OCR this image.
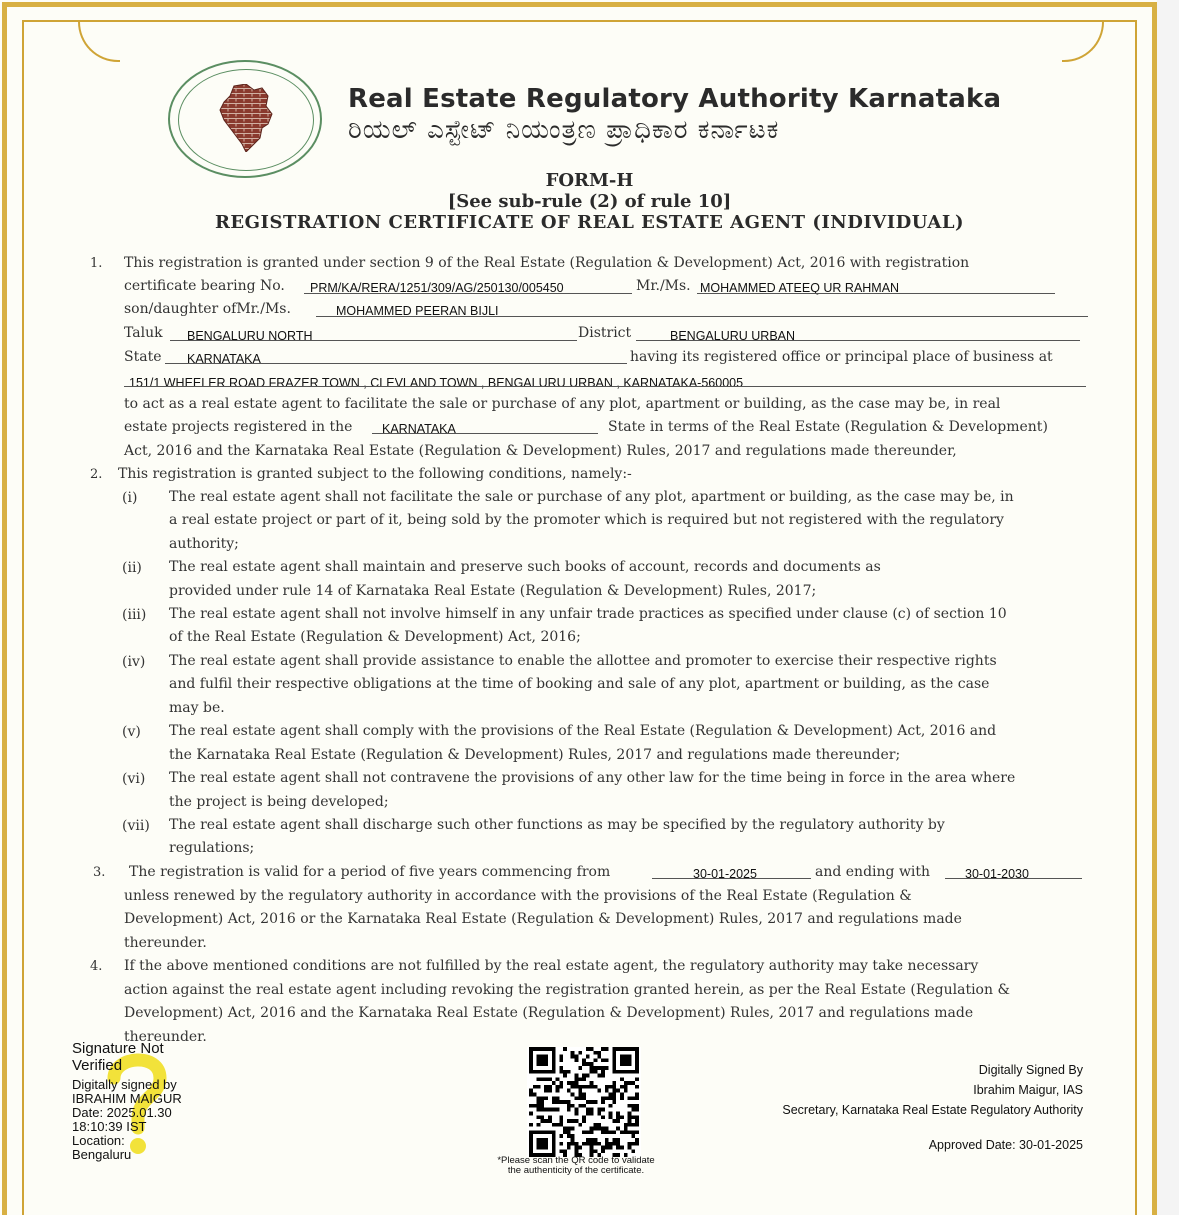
Real Estate Regulatory Authority Karnataka
ರಿಯಲ್ ಎಸ್ಟೇಟ್ ನಿಯಂತ್ರಣ ಪ್ರಾಧಿಕಾರ ಕರ್ನಾಟಕ
FORM-H
[See sub-rule (2) of rule 10]
REGISTRATION CERTIFICATE OF REAL ESTATE AGENT (INDIVIDUAL)
1. This registration is granted under section 9 of the Real Estate (Regulation & Development) Act, 2016 with registration
certificate bearing No. PRM/KA/RERA/1251/309/AG/250130/005450	Mr./Ms. MOHAMMED ATEEQ UR RAHMAN
son/daughter ofMr./Ms.	MOHAMMED PEERAN BIJLI
Taluk BENGALURU NORTH	District	BENGALURU URBAN
State KARNATAKA	having its registered office or principal place of business at
151/1 WHEELER ROAD FRAZER TOWN , CLEVLAND TOWN , BENGALURU URBAN , KARNATAKA-560005
to act as a real estate agent to facilitate the sale or purchase of any plot, apartment or building, as the case may be, in real
estate projects registered in the KARNATAKA	State in terms of the Real Estate (Regulation & Development)
Act, 2016 and the Karnataka Real Estate (Regulation & Development) Rules, 2017 and regulations made thereunder,
2. This registration is granted subject to the following conditions, namely:-
(i) The real estate agent shall not facilitate the sale or purchase of any plot, apartment or building, as the case may be, in
a real estate project or part of it, being sold by the promoter which is required but not registered with the regulatory
authority;
(ii) The real estate agent shall maintain and preserve such books of account, records and documents as
provided under rule 14 of Karnataka Real Estate (Regulation & Development) Rules, 2017;
(iii) The real estate agent shall not involve himself in any unfair trade practices as specified under clause (c) of section 10
of the Real Estate (Regulation & Development) Act, 2016;
(iv) The real estate agent shall provide assistance to enable the allottee and promoter to exercise their respective rights
and fulfil their respective obligations at the time of booking and sale of any plot, apartment or building, as the case
may be.
(v) The real estate agent shall comply with the provisions of the Real Estate (Regulation & Development) Act, 2016 and
the Karnataka Real Estate (Regulation & Development) Rules, 2017 and regulations made thereunder;
(vi) The real estate agent shall not contravene the provisions of any other law for the time being in force in the area where
the project is being developed;
(vii) The real estate agent shall discharge such other functions as may be specified by the regulatory authority by
regulations;
3. The registration is valid for a period of five years commencing from	30-01-2025	and ending with	30-01-2030
unless renewed by the regulatory authority in accordance with the provisions of the Real Estate (Regulation &
Development) Act, 2016 or the Karnataka Real Estate (Regulation & Development) Rules, 2017 and regulations made
thereunder.
4. If the above mentioned conditions are not fulfilled by the real estate agent, the regulatory authority may take necessary
action against the real estate agent including revoking the registration granted herein, as per the Real Estate (Regulation &
Development) Act, 2016 and the Karnataka Real Estate (Regulation & Development) Rules, 2017 and regulations made
thereunder.
Signature Not
Verified
Digitally signed by
IBRAHIM MAIGUR
Date: 2025.01.30
18:10:39 IST
Location:
Bengaluru	*Please scan the QR code to validate
the authenticity of the certificate.
Digitally Signed By
Ibrahim Maigur, IAS
Secretary, Karnataka Real Estate Regulatory Authority
Approved Date: 30-01-2025
